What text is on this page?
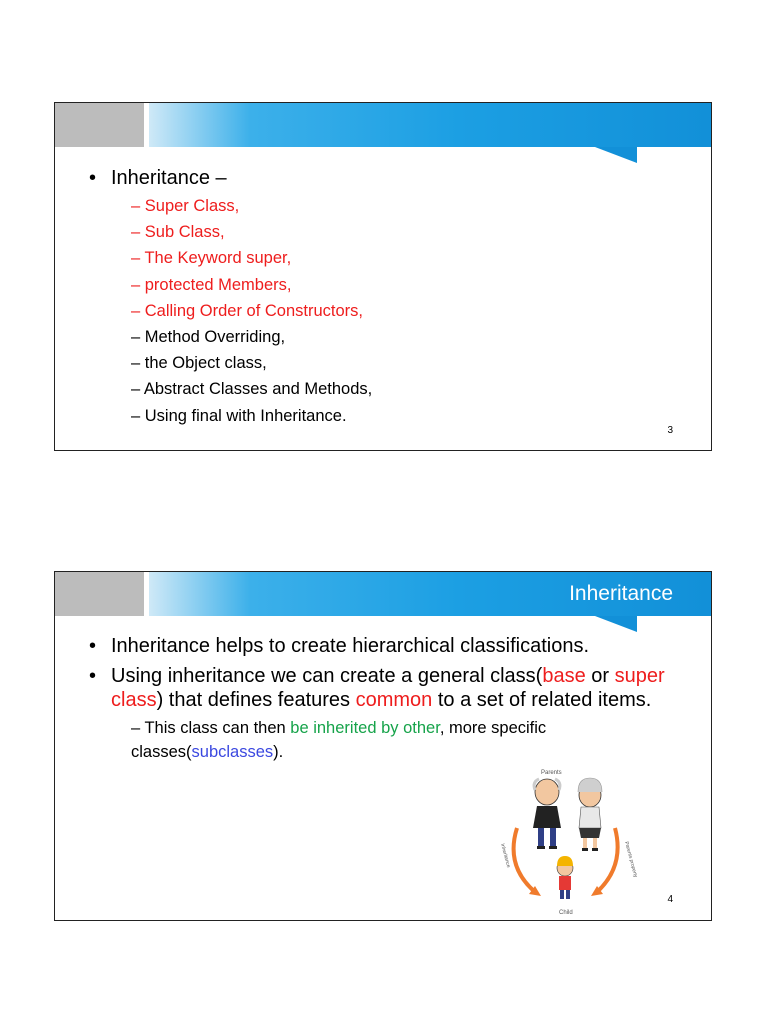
• Inheritance –
– Super Class,
– Sub Class,
– The Keyword super,
– protected Members,
– Calling Order of Constructors,
– Method Overriding,
– the Object class,
– Abstract Classes and Methods,
– Using final with Inheritance.
3
Inheritance
• Inheritance helps to create hierarchical classifications.
• Using inheritance we can create a general class(base or super class) that defines features common to a set of related items.
– This class can then be inherited by other, more specific classes(subclasses).
Parents
Inheritance	Parents property
Child
4
